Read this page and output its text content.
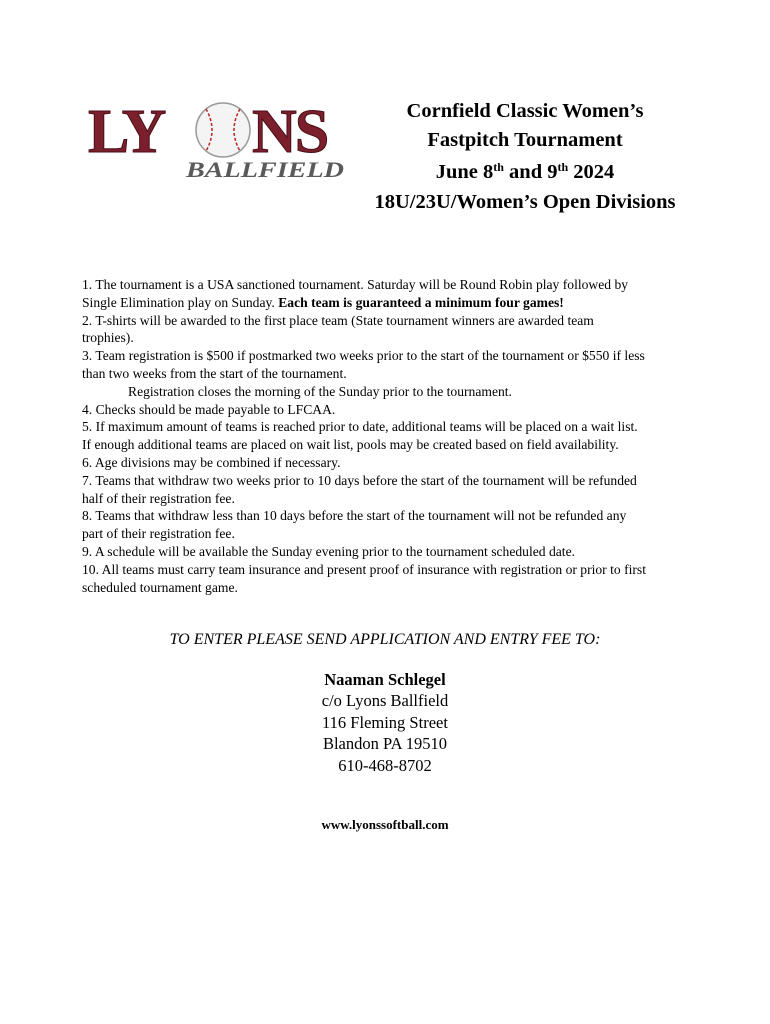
LY NS
BALLFIELD
Cornfield Classic Women’s
Fastpitch Tournament
June 8th and 9th 2024
18U/23U/Women’s Open Divisions
1. The tournament is a USA sanctioned tournament. Saturday will be Round Robin play followed by
Single Elimination play on Sunday. Each team is guaranteed a minimum four games!
2. T-shirts will be awarded to the first place team (State tournament winners are awarded team
trophies).
3. Team registration is $500 if postmarked two weeks prior to the start of the tournament or $550 if less
than two weeks from the start of the tournament.
Registration closes the morning of the Sunday prior to the tournament.
4. Checks should be made payable to LFCAA.
5. If maximum amount of teams is reached prior to date, additional teams will be placed on a wait list.
If enough additional teams are placed on wait list, pools may be created based on field availability.
6. Age divisions may be combined if necessary.
7. Teams that withdraw two weeks prior to 10 days before the start of the tournament will be refunded
half of their registration fee.
8. Teams that withdraw less than 10 days before the start of the tournament will not be refunded any
part of their registration fee.
9. A schedule will be available the Sunday evening prior to the tournament scheduled date.
10. All teams must carry team insurance and present proof of insurance with registration or prior to first
scheduled tournament game.
TO ENTER PLEASE SEND APPLICATION AND ENTRY FEE TO:
Naaman Schlegel
c/o Lyons Ballfield
116 Fleming Street
Blandon PA 19510
610-468-8702
www.lyonssoftball.com
